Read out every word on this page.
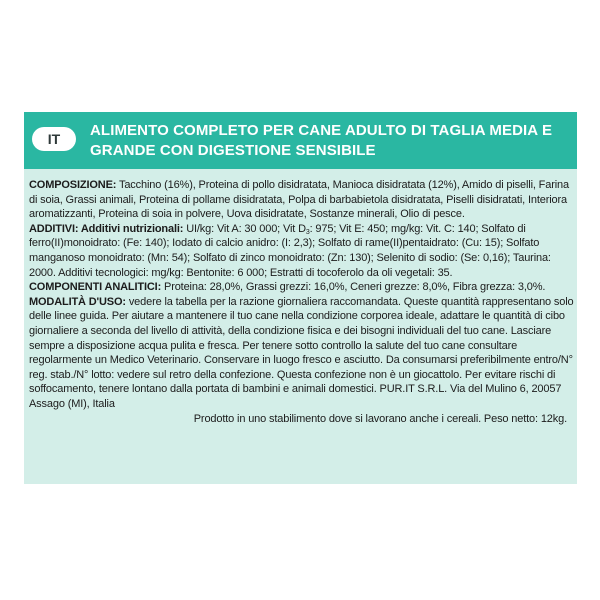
IT	ALIMENTO COMPLETO PER CANE ADULTO DI TAGLIA MEDIA E
GRANDE CON DIGESTIONE SENSIBILE

COMPOSIZIONE: Tacchino (16%), Proteina di pollo disidratata, Manioca disidratata (12%), Amido di piselli, Farina di soia, Grassi animali, Proteina di pollame disidratata, Polpa di barbabietola disidratata, Piselli disidratati, Interiora aromatizzanti, Proteina di soia in polvere, Uova disidratate, Sostanze minerali, Olio di pesce.

ADDITIVI: Additivi nutrizionali: UI/kg: Vit A: 30 000; Vit $D_3$: 975; Vit E: 450; mg/kg: Vit. C: 140; Solfato di ferro(II)monoidrato: (Fe: 140); Iodato di calcio anidro: (I: 2,3); Solfato di rame(II)pentaidrato: (Cu: 15); Solfato manganoso monoidrato: (Mn: 54); Solfato di zinco monoidrato: (Zn: 130); Selenito di sodio: (Se: 0,16); Taurina: 2000. Additivi tecnologici: mg/kg: Bentonite: 6 000; Estratti di tocoferolo da oli vegetali: 35.

COMPONENTI ANALITICI: Proteina: 28,0%, Grassi grezzi: 16,0%, Ceneri grezze: 8,0%, Fibra grezza: 3,0%.

MODALITÀ D'USO: vedere la tabella per la razione giornaliera raccomandata. Queste quantità rappresentano solo delle linee guida. Per aiutare a mantenere il tuo cane nella condizione corporea ideale, adattare le quantità di cibo giornaliere a seconda del livello di attività, della condizione fisica e dei bisogni individuali del tuo cane. Lasciare sempre a disposizione acqua pulita e fresca. Per tenere sotto controllo la salute del tuo cane consultare regolarmente un Medico Veterinario. Conservare in luogo fresco e asciutto. Da consumarsi preferibilmente entro/N° reg. stab./N° lotto: vedere sul retro della confezione. Questa confezione non è un giocattolo. Per evitare rischi di soffocamento, tenere lontano dalla portata di bambini e animali domestici. PUR.IT S.R.L. Via del Mulino 6, 20057 Assago (MI), Italia

Prodotto in uno stabilimento dove si lavorano anche i cereali. Peso netto: 12kg.
